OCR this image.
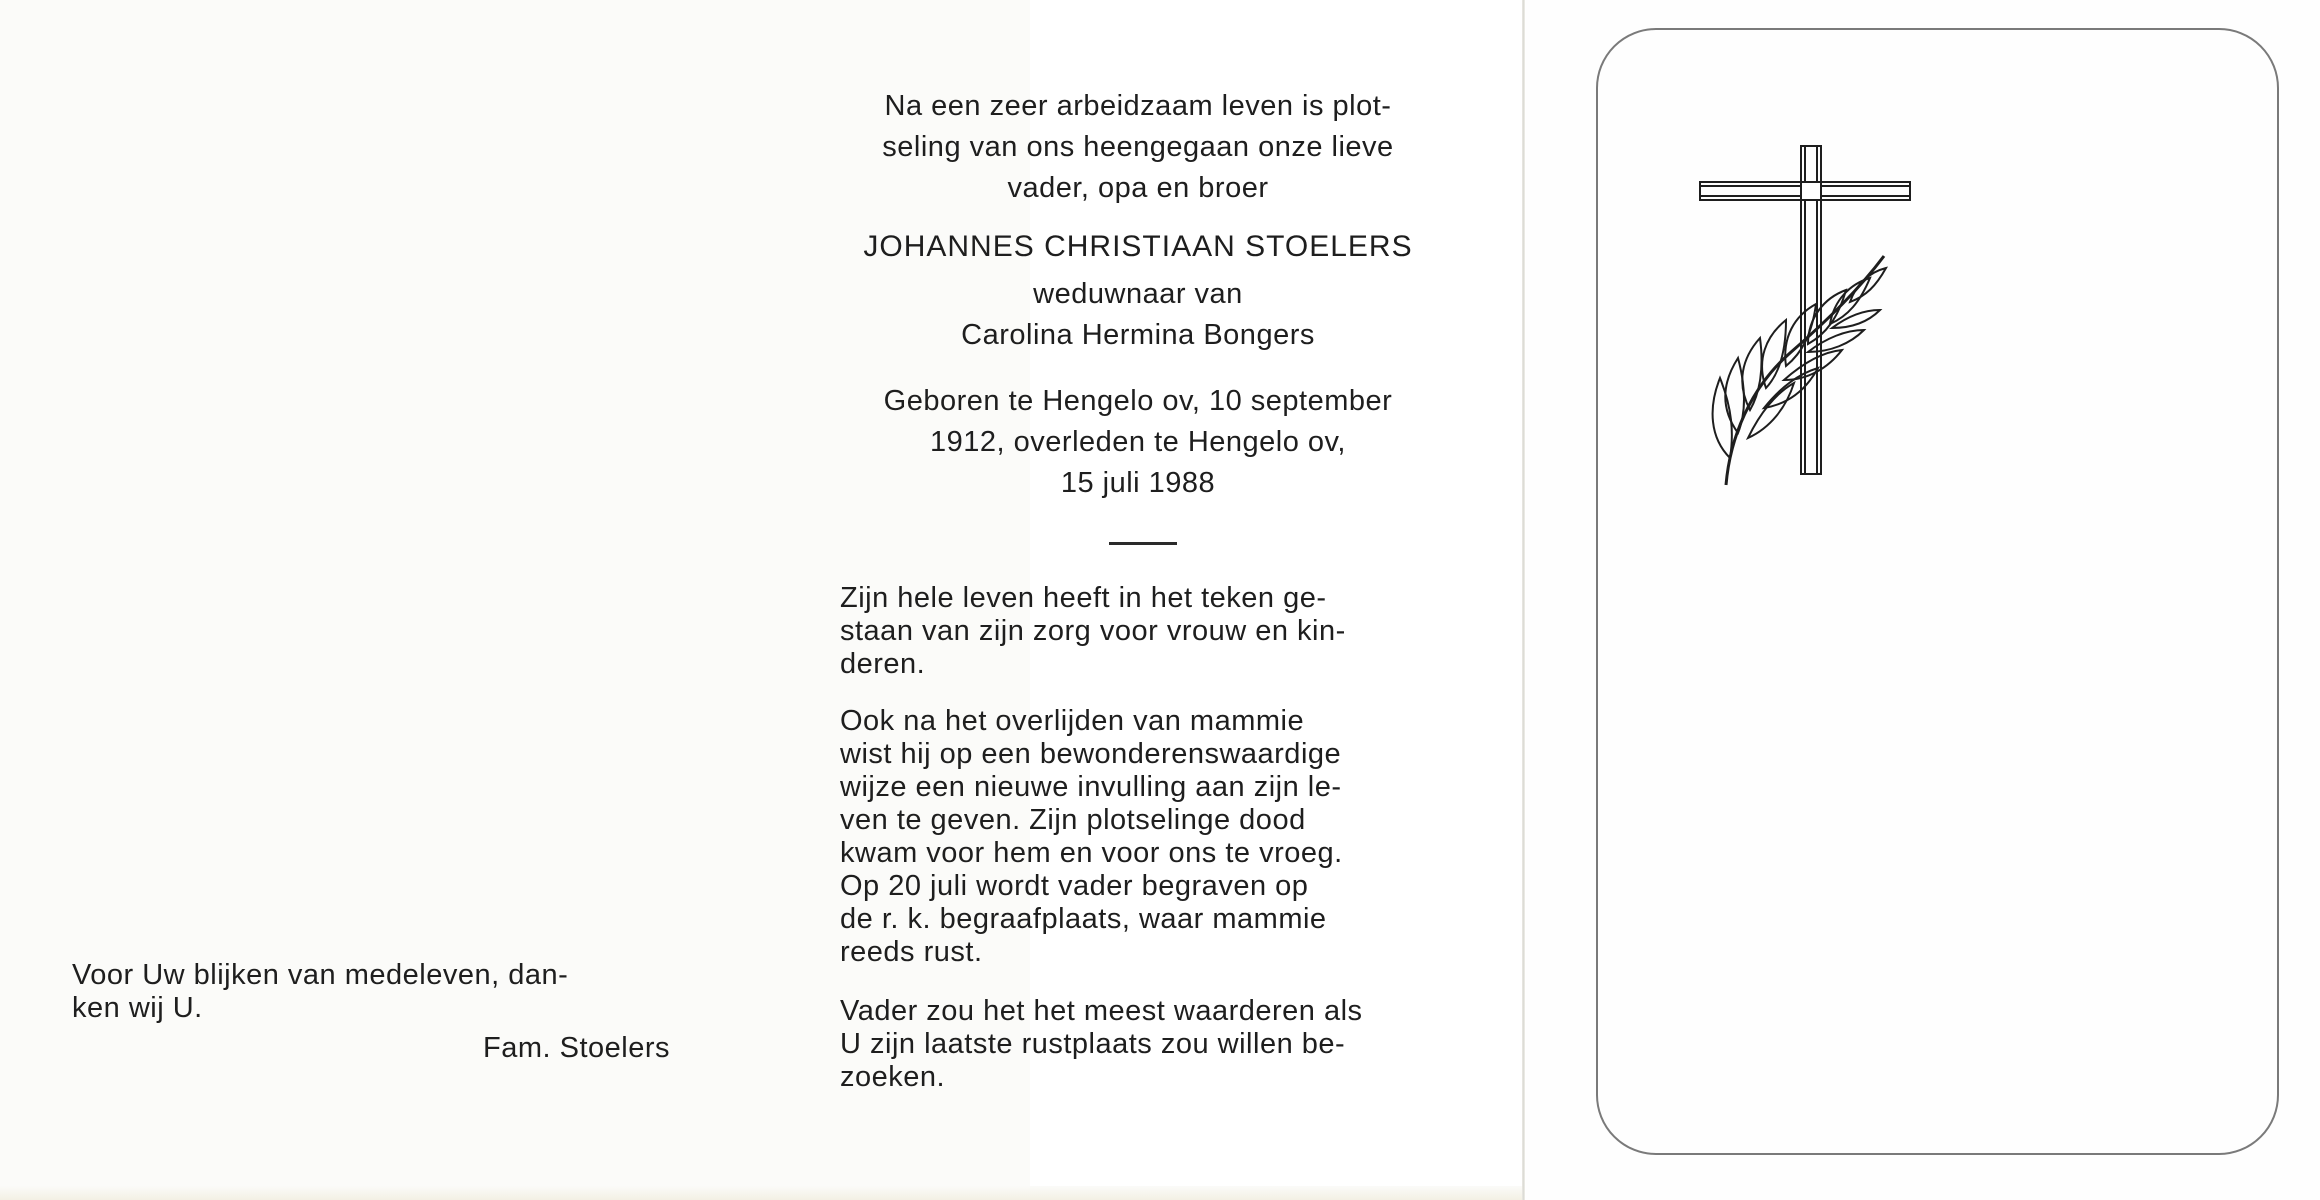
Na een zeer arbeidzaam leven is plot-
seling van ons heengegaan onze lieve
vader, opa en broer
JOHANNES CHRISTIAAN STOELERS
weduwnaar van
Carolina Hermina Bongers
Geboren te Hengelo ov, 10 september
1912, overleden te Hengelo ov,
15 juli 1988

Zijn hele leven heeft in het teken ge-

staan van zijn zorg voor vrouw en kin-

deren.

Ook na het overlijden van mammie

wist hij op een bewonderenswaardige

wijze een nieuwe invulling aan zijn le-

ven te geven. Zijn plotselinge dood

kwam voor hem en voor ons te vroeg.

Op 20 juli wordt vader begraven op

de r. k. begraafplaats, waar mammie

reeds rust.

Vader zou het het meest waarderen als

U zijn laatste rustplaats zou willen be-

zoeken.

Voor Uw blijken van medeleven, dan-

ken wij U.

Fam. Stoelers
